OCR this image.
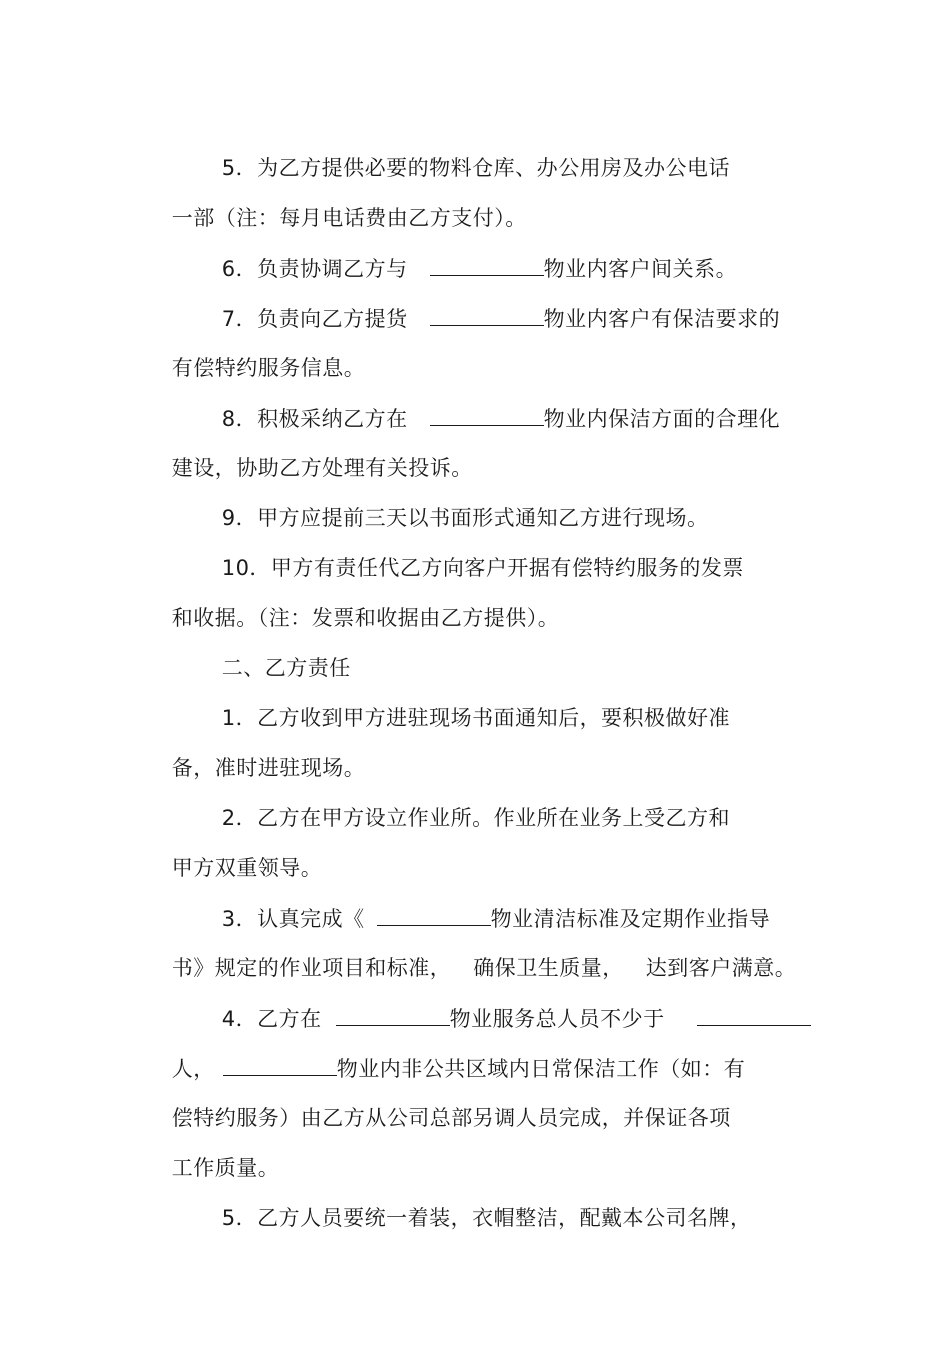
5．为乙方提供必要的物料仓库、办公用房及办公电话

一部（注：每月电话费由乙方支付）。

6．负责协调乙方与	物业内客户间关系。

7．负责向乙方提货	物业内客户有保洁要求的

有偿特约服务信息。

8．积极采纳乙方在	物业内保洁方面的合理化

建设，协助乙方处理有关投诉。

9．甲方应提前三天以书面形式通知乙方进行现场。

10．甲方有责任代乙方向客户开据有偿特约服务的发票

和收据。（注：发票和收据由乙方提供）。

二、乙方责任

1．乙方收到甲方进驻现场书面通知后，要积极做好准

备，准时进驻现场。

2．乙方在甲方设立作业所。作业所在业务上受乙方和

甲方双重领导。

3．认真完成《	物业清洁标准及定期作业指导

书》规定的作业项目和标准， 确保卫生质量， 达到客户满意。

4．乙方在	物业服务总人员不少于

人，	物业内非公共区域内日常保洁工作（如：有

偿特约服务）由乙方从公司总部另调人员完成，并保证各项

工作质量。

5．乙方人员要统一着装，衣帽整洁，配戴本公司名牌，
